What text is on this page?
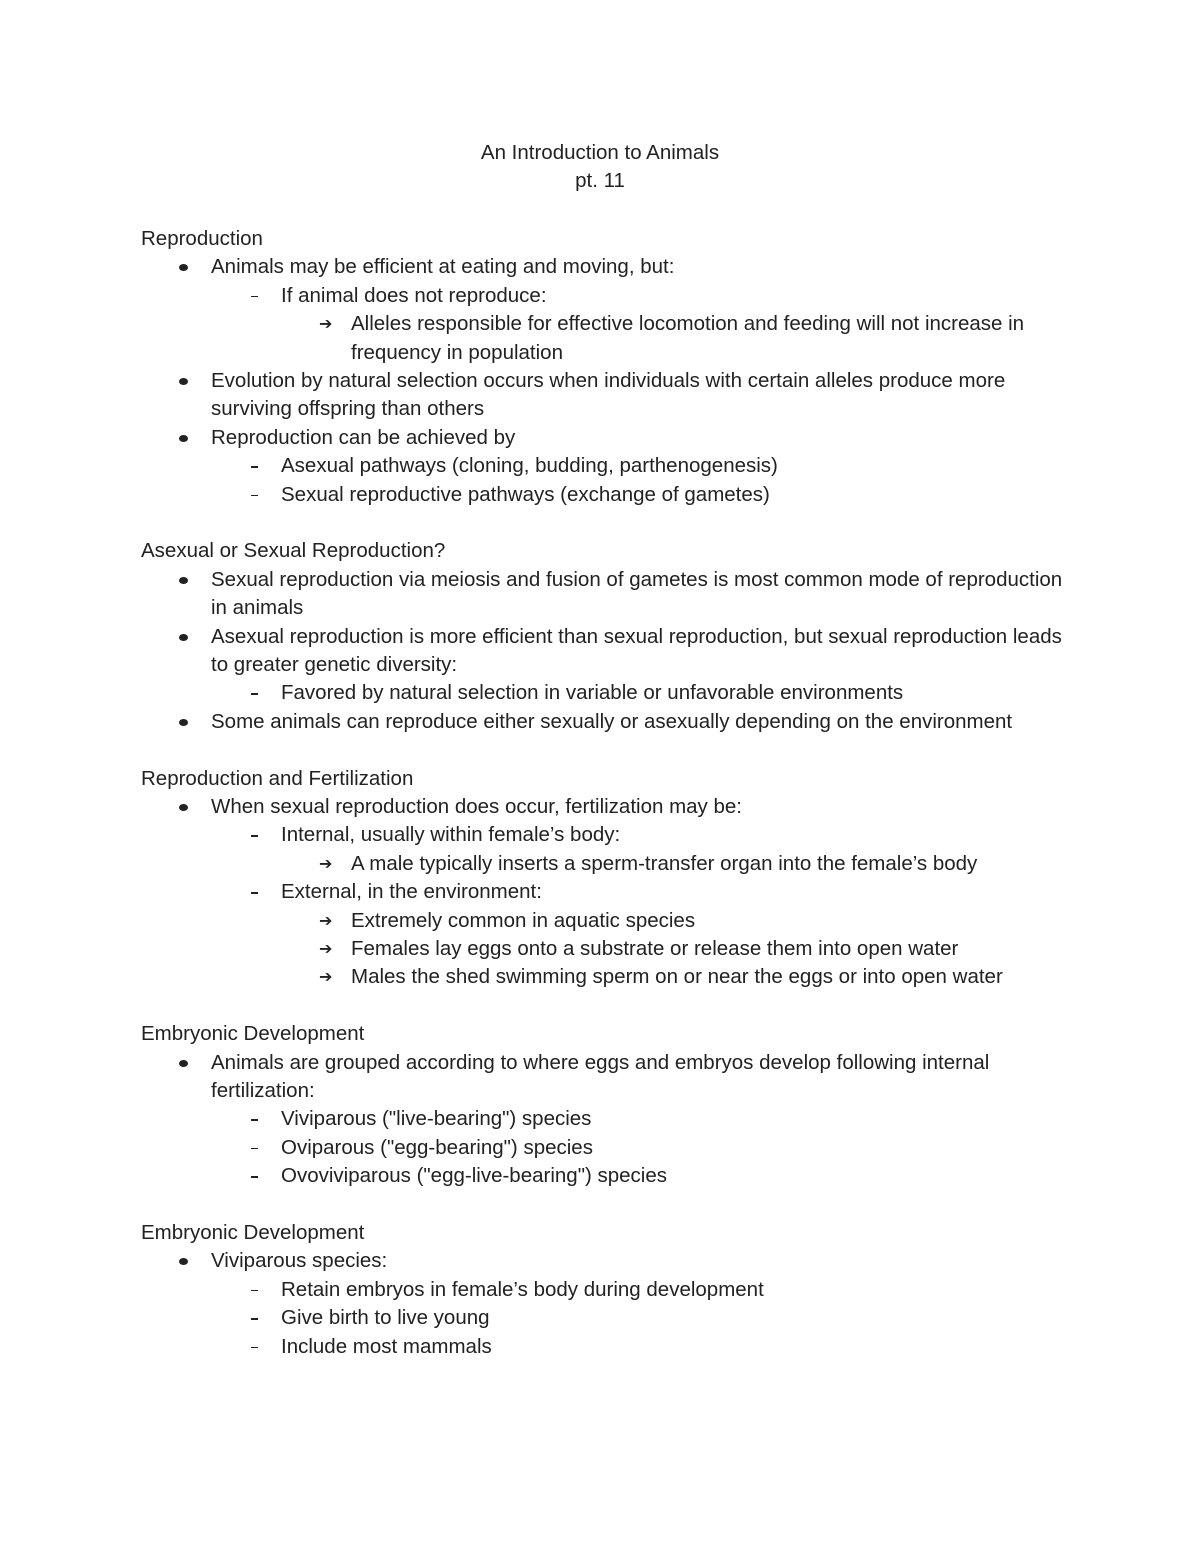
An Introduction to Animals
pt. 11
Reproduction
Animals may be efficient at eating and moving, but:
If animal does not reproduce:
➔ Alleles responsible for effective locomotion and feeding will not increase in frequency in population
Evolution by natural selection occurs when individuals with certain alleles produce more surviving offspring than others
Reproduction can be achieved by
Asexual pathways (cloning, budding, parthenogenesis)
Sexual reproductive pathways (exchange of gametes)
Asexual or Sexual Reproduction?
Sexual reproduction via meiosis and fusion of gametes is most common mode of reproduction in animals
Asexual reproduction is more efficient than sexual reproduction, but sexual reproduction leads to greater genetic diversity:
Favored by natural selection in variable or unfavorable environments
Some animals can reproduce either sexually or asexually depending on the environment
Reproduction and Fertilization
When sexual reproduction does occur, fertilization may be:
Internal, usually within female’s body:
➔ A male typically inserts a sperm-transfer organ into the female’s body
External, in the environment:
➔ Extremely common in aquatic species
➔ Females lay eggs onto a substrate or release them into open water
➔ Males the shed swimming sperm on or near the eggs or into open water
Embryonic Development
Animals are grouped according to where eggs and embryos develop following internal fertilization:
Viviparous ("live-bearing") species
Oviparous ("egg-bearing") species
Ovoviviparous ("egg-live-bearing") species
Embryonic Development
Viviparous species:
Retain embryos in female’s body during development
Give birth to live young
Include most mammals
